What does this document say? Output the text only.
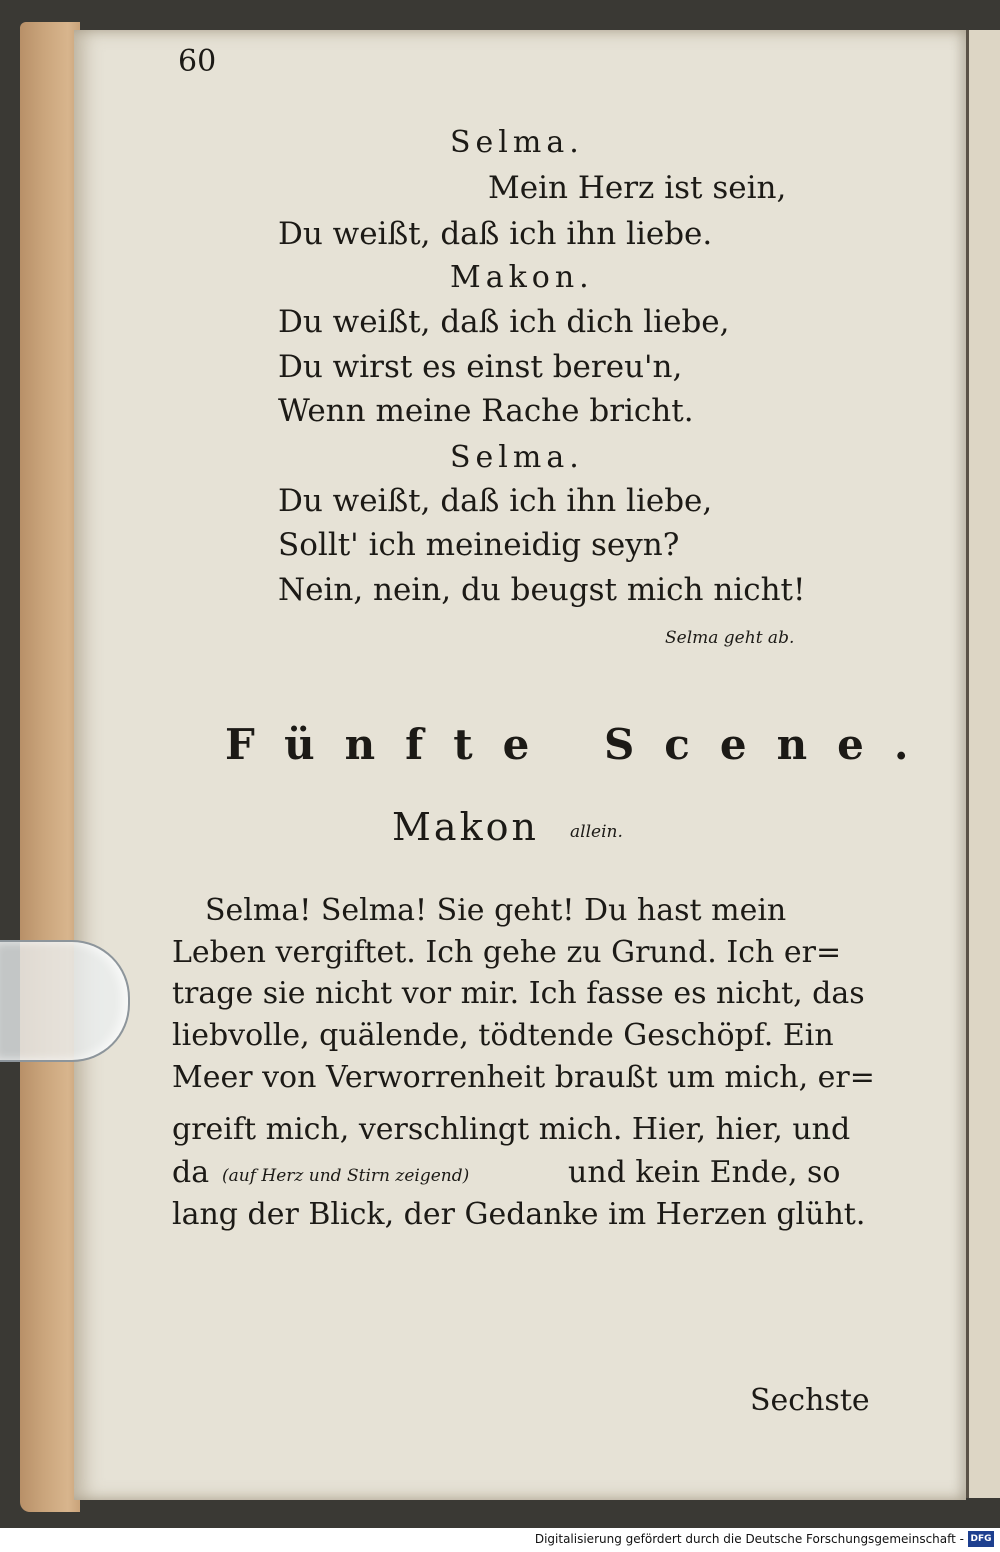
60
Selma.
Mein Herz ist sein,
Du weißt, daß ich ihn liebe.
Makon.
Du weißt, daß ich dich liebe,
Du wirst es einst bereu'n,
Wenn meine Rache bricht.
Selma.
Du weißt, daß ich ihn liebe,
Sollt' ich meineidig seyn?
Nein, nein, du beugst mich nicht!
Selma geht ab.
Fünfte Scene.
Makon allein.
Selma! Selma! Sie geht! Du hast mein
Leben vergiftet. Ich gehe zu Grund. Ich er=
trage sie nicht vor mir. Ich fasse es nicht, das
liebvolle, quälende, tödtende Geschöpf. Ein
Meer von Verworrenheit braußt um mich, er=
greift mich, verschlingt mich. Hier, hier, und
da (auf Herz und Stirn zeigend)	und kein Ende, so
lang der Blick, der Gedanke im Herzen glüht.
Sechste
Digitalisierung gefördert durch die Deutsche Forschungsgemeinschaft - DFG
